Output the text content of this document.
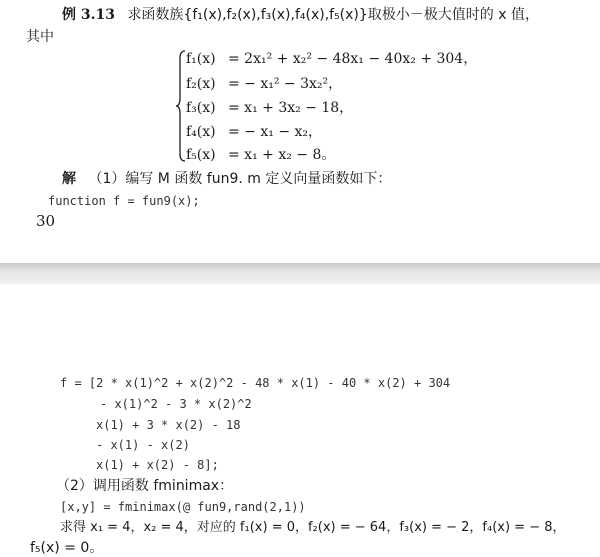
例 3.13 求函数族{f₁(x),f₂(x),f₃(x),f₄(x),f₅(x)}取极小－极大值时的 x 值，
其中
f₁(x) = 2x₁² + x₂² − 48x₁ − 40x₂ + 304，
f₂(x) = − x₁² − 3x₂²，
f₃(x) = x₁ + 3x₂ − 18，
f₄(x) = − x₁ − x₂，
f₅(x) = x₁ + x₂ − 8。
解 （1）编写 M 函数 fun9. m 定义向量函数如下：
function f = fun9(x);
30
f = [2 * x(1)^2 + x(2)^2 - 48 * x(1) - 40 * x(2) + 304
- x(1)^2 - 3 * x(2)^2
x(1) + 3 * x(2) - 18
- x(1) - x(2)
x(1) + x(2) - 8];
（2）调用函数 fminimax：
[x,y] = fminimax(@ fun9,rand(2,1))
求得 x₁ = 4，x₂ = 4，对应的 f₁(x) = 0，f₂(x) = − 64，f₃(x) = − 2，f₄(x) = − 8，
f₅(x) = 0。
